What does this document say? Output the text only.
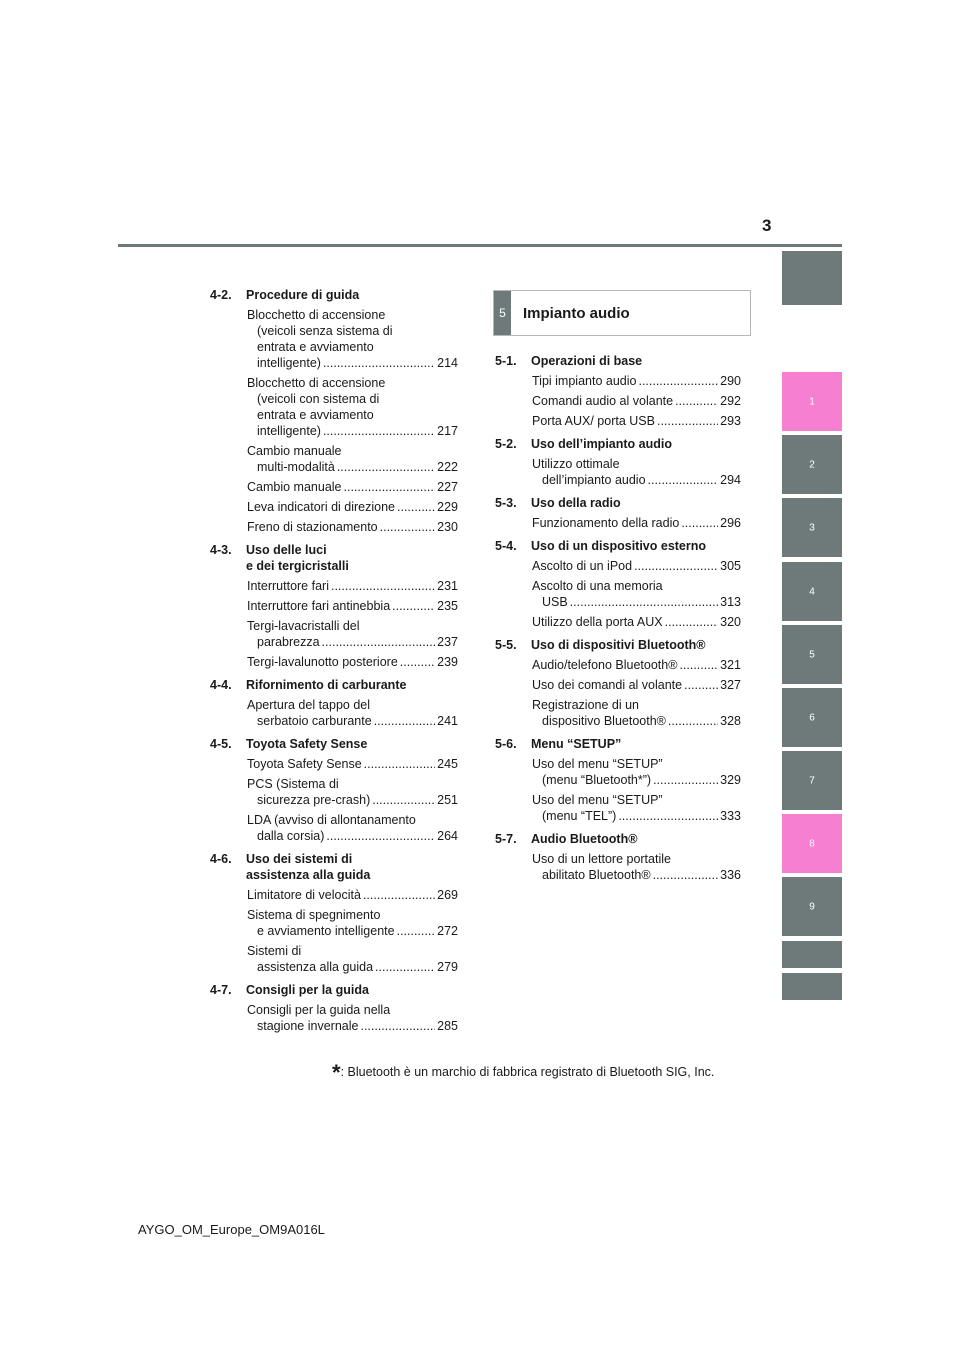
3
1
2
3
4
5
6
7
8
9
4-2.	Procedure di guida
Blocchetto di accensione
(veicoli senza sistema di
entrata e avviamento
intelligente) .....	214
Blocchetto di accensione
(veicoli con sistema di
entrata e avviamento
intelligente) .....	217
Cambio manuale
multi-modalità .....	222
Cambio manuale .....	227
Leva indicatori di direzione .....	229
Freno di stazionamento .....	230
4-3.	Uso delle luci
e dei tergicristalli
Interruttore fari .....	231
Interruttore fari antinebbia .....	235
Tergi-lavacristalli del
parabrezza .....	237
Tergi-lavalunotto posteriore .....	239
4-4.	Rifornimento di carburante
Apertura del tappo del
serbatoio carburante .....	241
4-5.	Toyota Safety Sense
Toyota Safety Sense .....	245
PCS (Sistema di
sicurezza pre-crash) .....	251
LDA (avviso di allontanamento
dalla corsia) .....	264
4-6.	Uso dei sistemi di
assistenza alla guida
Limitatore di velocità .....	269
Sistema di spegnimento
e avviamento intelligente .....	272
Sistemi di
assistenza alla guida .....	279
4-7.	Consigli per la guida
Consigli per la guida nella
stagione invernale .....	285
5	Impianto audio
5-1.	Operazioni di base
Tipi impianto audio .....	290
Comandi audio al volante .....	292
Porta AUX/ porta USB .....	293
5-2.	Uso dell’impianto audio
Utilizzo ottimale
dell’impianto audio .....	294
5-3.	Uso della radio
Funzionamento della radio .....	296
5-4.	Uso di un dispositivo esterno
Ascolto di un iPod .....	305
Ascolto di una memoria
USB .....	313
Utilizzo della porta AUX .....	320
5-5.	Uso di dispositivi Bluetooth®
Audio/telefono Bluetooth® .....	321
Uso dei comandi al volante .....	327
Registrazione di un
dispositivo Bluetooth® .....	328
5-6.	Menu “SETUP”
Uso del menu “SETUP”
(menu “Bluetooth*”) .....	329
Uso del menu “SETUP”
(menu “TEL”) .....	333
5-7.	Audio Bluetooth®
Uso di un lettore portatile
abilitato Bluetooth® .....	336
*: Bluetooth è un marchio di fabbrica registrato di Bluetooth SIG, Inc.
AYGO_OM_Europe_OM9A016L
